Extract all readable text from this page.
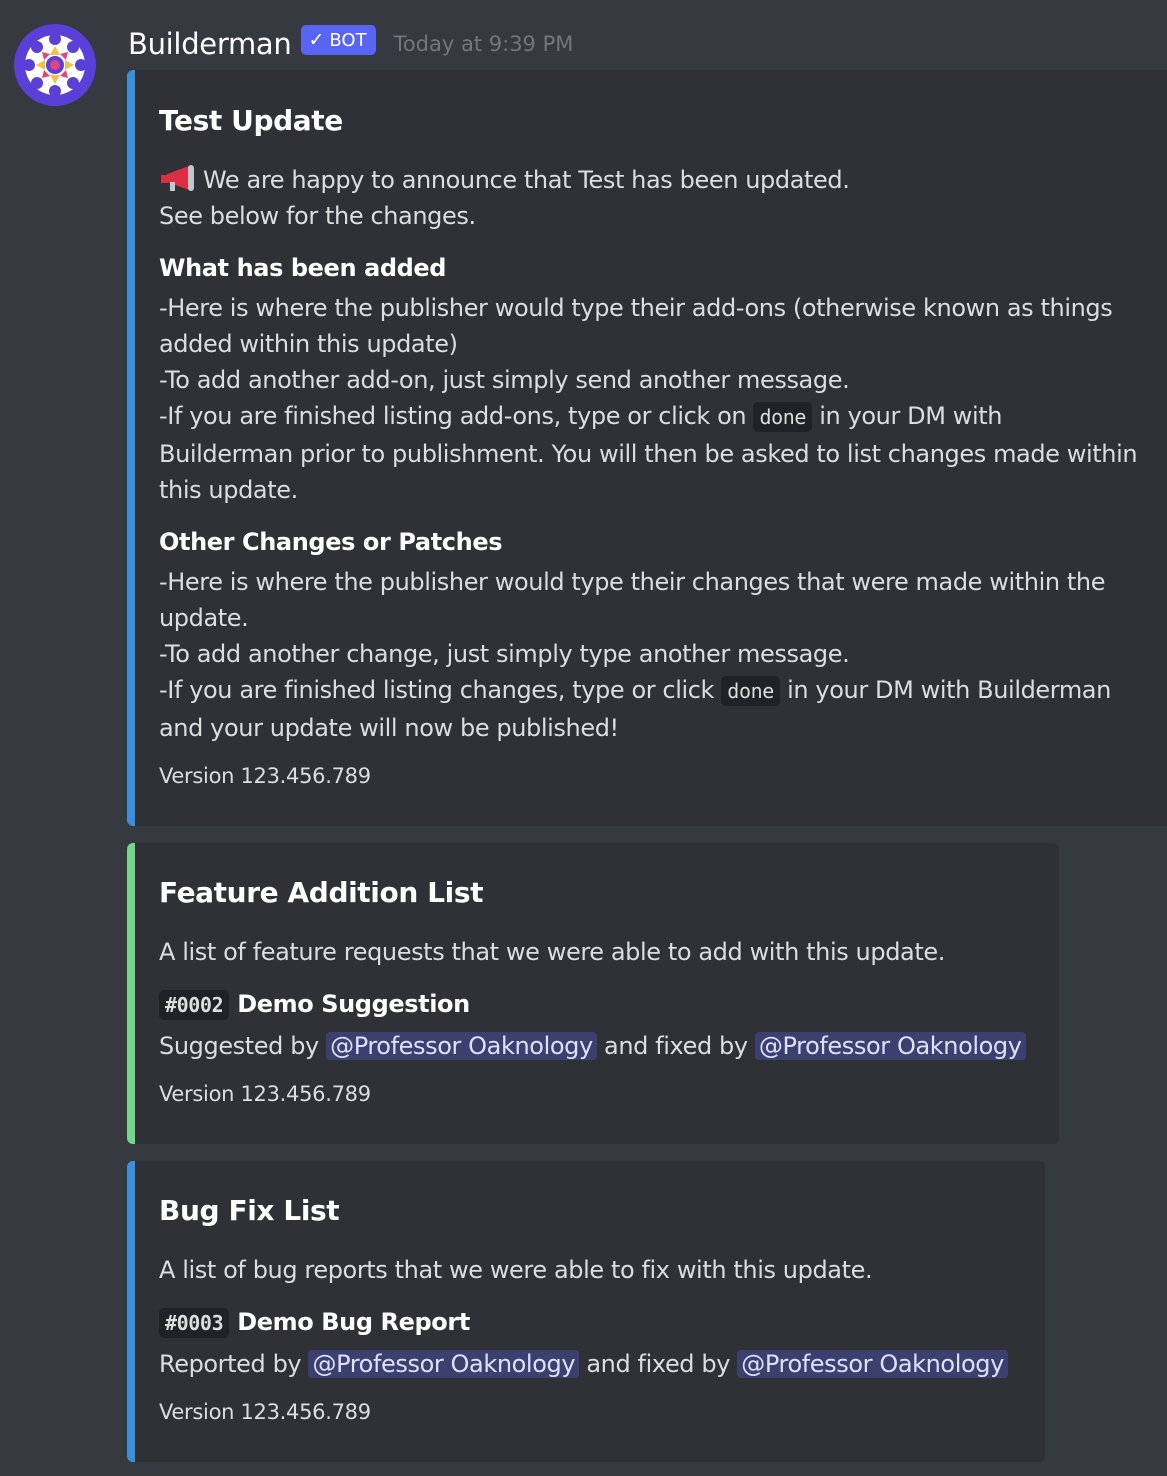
Builderman ✓ BOT Today at 9:39 PM
Test Update
We are happy to announce that Test has been updated.
See below for the changes.
What has been added
-Here is where the publisher would type their add-ons (otherwise known as things
added within this update)
-To add another add-on, just simply send another message.
-If you are finished listing add-ons, type or click on done in your DM with
Builderman prior to publishment. You will then be asked to list changes made within
this update.
Other Changes or Patches
-Here is where the publisher would type their changes that were made within the
update.
-To add another change, just simply type another message.
-If you are finished listing changes, type or click done in your DM with Builderman
and your update will now be published!
Version 123.456.789
Feature Addition List
A list of feature requests that we were able to add with this update.
#0002 Demo Suggestion
Suggested by @Professor Oaknology and fixed by @Professor Oaknology
Version 123.456.789
Bug Fix List
A list of bug reports that we were able to fix with this update.
#0003 Demo Bug Report
Reported by @Professor Oaknology and fixed by @Professor Oaknology
Version 123.456.789
